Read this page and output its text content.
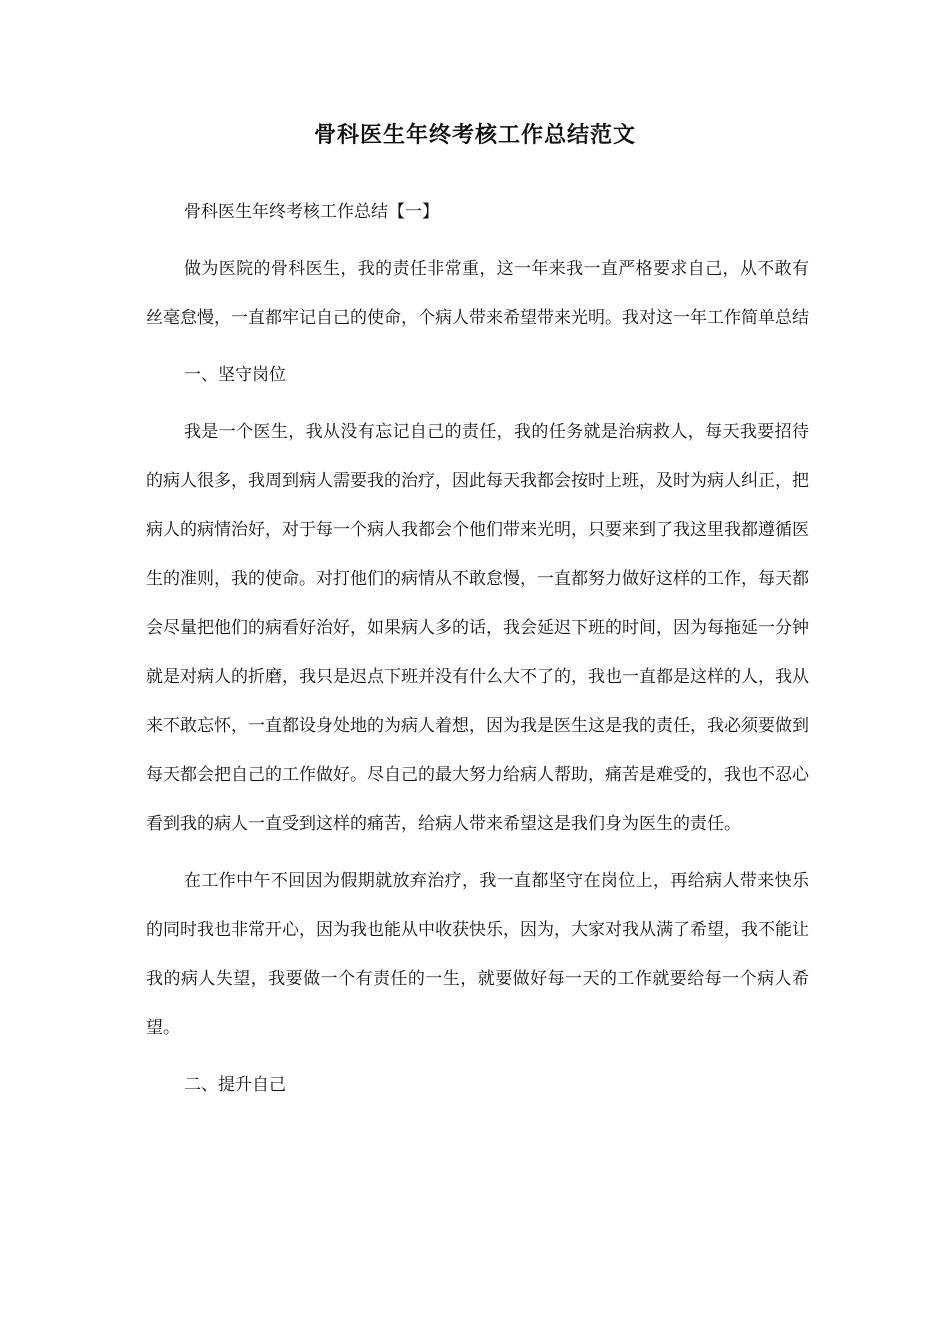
骨科医生年终考核工作总结范文

骨科医生年终考核工作总结【一】

做为医院的骨科医生，我的责任非常重，这一年来我一直严格要求自己，从不敢有丝毫怠慢，一直都牢记自己的使命，个病人带来希望带来光明。我对这一年工作简单总结

一、坚守岗位

我是一个医生，我从没有忘记自己的责任，我的任务就是治病救人，每天我要招待的病人很多，我周到病人需要我的治疗，因此每天我都会按时上班，及时为病人纠正，把病人的病情治好，对于每一个病人我都会个他们带来光明，只要来到了我这里我都遵循医生的准则，我的使命。对打他们的病情从不敢怠慢，一直都努力做好这样的工作，每天都会尽量把他们的病看好治好，如果病人多的话，我会延迟下班的时间，因为每拖延一分钟就是对病人的折磨，我只是迟点下班并没有什么大不了的，我也一直都是这样的人，我从来不敢忘怀，一直都设身处地的为病人着想，因为我是医生这是我的责任，我必须要做到每天都会把自己的工作做好。尽自己的最大努力给病人帮助，痛苦是难受的，我也不忍心看到我的病人一直受到这样的痛苦，给病人带来希望这是我们身为医生的责任。

在工作中午不回因为假期就放弃治疗，我一直都坚守在岗位上，再给病人带来快乐的同时我也非常开心，因为我也能从中收获快乐，因为，大家对我从满了希望，我不能让我的病人失望，我要做一个有责任的一生，就要做好每一天的工作就要给每一个病人希望。

二、提升自己
